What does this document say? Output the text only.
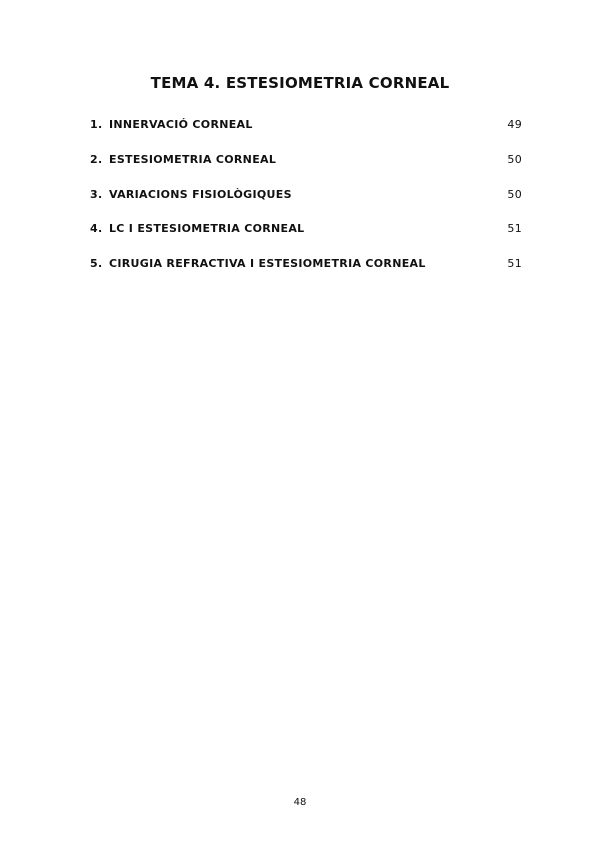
TEMA 4. ESTESIOMETRIA CORNEAL
1. INNERVACIÓ CORNEAL	49
2. ESTESIOMETRIA CORNEAL	50
3. VARIACIONS FISIOLÒGIQUES	50
4. LC I ESTESIOMETRIA CORNEAL	51
5. CIRUGIA REFRACTIVA I ESTESIOMETRIA CORNEAL	51
48
